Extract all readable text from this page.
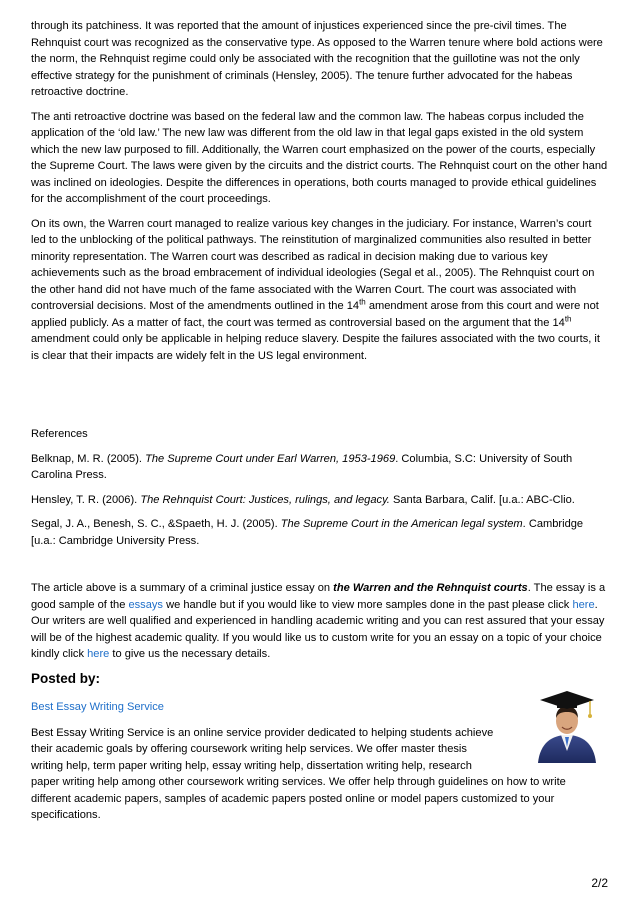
through its patchiness. It was reported that the amount of injustices experienced since the pre-civil times. The Rehnquist court was recognized as the conservative type. As opposed to the Warren tenure where bold actions were the norm, the Rehnquist regime could only be associated with the recognition that the guillotine was not the only effective strategy for the punishment of criminals (Hensley, 2005). The tenure further advocated for the habeas retroactive doctrine.

The anti retroactive doctrine was based on the federal law and the common law. The habeas corpus included the application of the ‘old law.’ The new law was different from the old law in that legal gaps existed in the old system which the new law purposed to fill. Additionally, the Warren court emphasized on the power of the courts, especially the Supreme Court. The laws were given by the circuits and the district courts. The Rehnquist court on the other hand was inclined on ideologies. Despite the differences in operations, both courts managed to provide ethical guidelines for the accomplishment of the court proceedings.

On its own, the Warren court managed to realize various key changes in the judiciary. For instance, Warren’s court led to the unblocking of the political pathways. The reinstitution of marginalized communities also resulted in better minority representation. The Warren court was described as radical in decision making due to various key achievements such as the broad embracement of individual ideologies (Segal et al., 2005). The Rehnquist court on the other hand did not have much of the fame associated with the Warren Court. The court was associated with controversial decisions. Most of the amendments outlined in the 14th amendment arose from this court and were not applied publicly. As a matter of fact, the court was termed as controversial based on the argument that the 14th amendment could only be applicable in helping reduce slavery. Despite the failures associated with the two courts, it is clear that their impacts are widely felt in the US legal environment.

References

Belknap, M. R. (2005). The Supreme Court under Earl Warren, 1953-1969. Columbia, S.C: University of South Carolina Press.

Hensley, T. R. (2006). The Rehnquist Court: Justices, rulings, and legacy. Santa Barbara, Calif. [u.a.: ABC-Clio.

Segal, J. A., Benesh, S. C., &Spaeth, H. J. (2005). The Supreme Court in the American legal system. Cambridge [u.a.: Cambridge University Press.

The article above is a summary of a criminal justice essay on the Warren and the Rehnquist courts. The essay is a good sample of the essays we handle but if you would like to view more samples done in the past please click here. Our writers are well qualified and experienced in handling academic writing and you can rest assured that your essay will be of the highest academic quality. If you would like us to custom write for you an essay on a topic of your choice kindly click here to give us the necessary details.

Posted by:
Best Essay Writing Service
Best Essay Writing Service is an online service provider dedicated to helping students achieve
their academic goals by offering coursework writing help services. We offer master thesis
writing help, term paper writing help, essay writing help, dissertation writing help, research
paper writing help among other coursework writing services. We offer help through guidelines on how to write different academic papers, samples of academic papers posted online or model papers customized to your specifications.
2/2
